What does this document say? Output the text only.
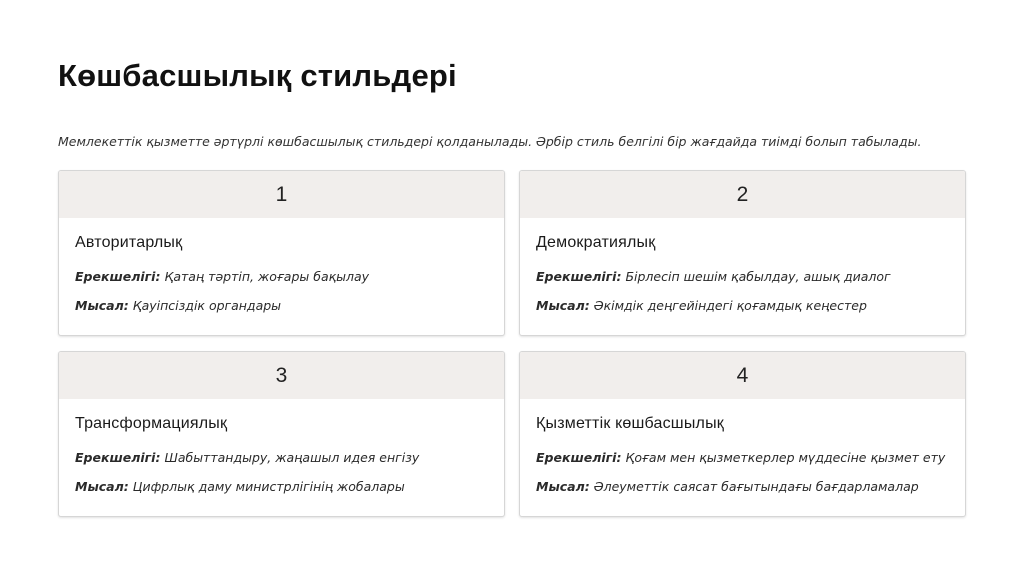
Көшбасшылық стильдері

Мемлекеттік қызметте әртүрлі көшбасшылық стильдері қолданылады. Әрбір стиль белгілі бір жағдайда тиімді болып табылады.

1

Авторитарлық

Ерекшелігі: Қатаң тәртіп, жоғары бақылау

Мысал: Қауіпсіздік органдары

2

Демократиялық

Ерекшелігі: Бірлесіп шешім қабылдау, ашық диалог

Мысал: Әкімдік деңгейіндегі қоғамдық кеңестер

3

Трансформациялық

Ерекшелігі: Шабыттандыру, жаңашыл идея енгізу

Мысал: Цифрлық даму министрлігінің жобалары

4

Қызметтік көшбасшылық

Ерекшелігі: Қоғам мен қызметкерлер мүддесіне қызмет ету

Мысал: Әлеуметтік саясат бағытындағы бағдарламалар
